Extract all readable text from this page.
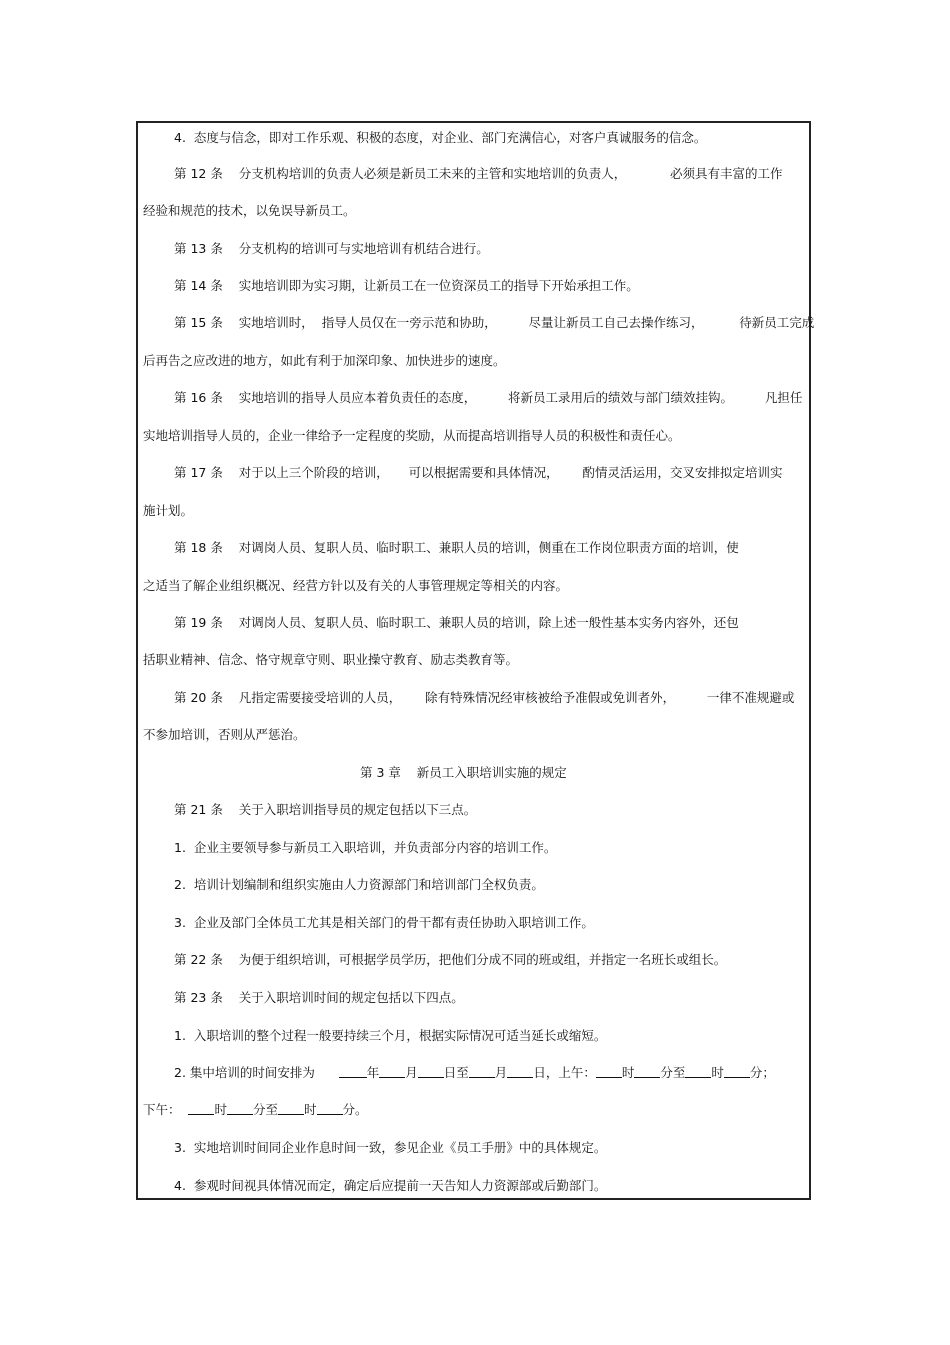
4.  态度与信念，即对工作乐观、积极的态度，对企业、部门充满信心，对客户真诚服务的信念。
第 12 条    分支机构培训的负责人必须是新员工未来的主管和实地培训的负责人，           必须具有丰富的工作
经验和规范的技术，以免误导新员工。
第 13 条    分支机构的培训可与实地培训有机结合进行。
第 14 条    实地培训即为实习期，让新员工在一位资深员工的指导下开始承担工作。
第 15 条    实地培训时，  指导人员仅在一旁示范和协助，        尽量让新员工自己去操作练习，         待新员工完成
后再告之应改进的地方，如此有利于加深印象、加快进步的速度。
第 16 条    实地培训的指导人员应本着负责任的态度，        将新员工录用后的绩效与部门绩效挂钩。        凡担任
实地培训指导人员的，企业一律给予一定程度的奖励，从而提高培训指导人员的积极性和责任心。
第 17 条    对于以上三个阶段的培训，     可以根据需要和具体情况，      酌情灵活运用，交叉安排拟定培训实
施计划。
第 18 条    对调岗人员、复职人员、临时职工、兼职人员的培训，侧重在工作岗位职责方面的培训，使
之适当了解企业组织概况、经营方针以及有关的人事管理规定等相关的内容。
第 19 条    对调岗人员、复职人员、临时职工、兼职人员的培训，除上述一般性基本实务内容外，还包
括职业精神、信念、恪守规章守则、职业操守教育、励志类教育等。
第 20 条    凡指定需要接受培训的人员，      除有特殊情况经审核被给予准假或免训者外，        一律不准规避或
不参加培训，否则从严惩治。
第 3 章    新员工入职培训实施的规定
第 21 条    关于入职培训指导员的规定包括以下三点。
1.  企业主要领导参与新员工入职培训，并负责部分内容的培训工作。
2.  培训计划编制和组织实施由人力资源部门和培训部门全权负责。
3.  企业及部门全体员工尤其是相关部门的骨干都有责任协助入职培训工作。
第 22 条    为便于组织培训，可根据学员学历，把他们分成不同的班或组，并指定一名班长或组长。
第 23 条    关于入职培训时间的规定包括以下四点。
1.  入职培训的整个过程一般要持续三个月，根据实际情况可适当延长或缩短。
2. 集中培训的时间安排为	年 月 日至 月 日，上午： 时 分至 时 分；
下午：	时 分至 时 分。
3.  实地培训时间同企业作息时间一致，参见企业《员工手册》中的具体规定。
4.  参观时间视具体情况而定，确定后应提前一天告知人力资源部或后勤部门。
